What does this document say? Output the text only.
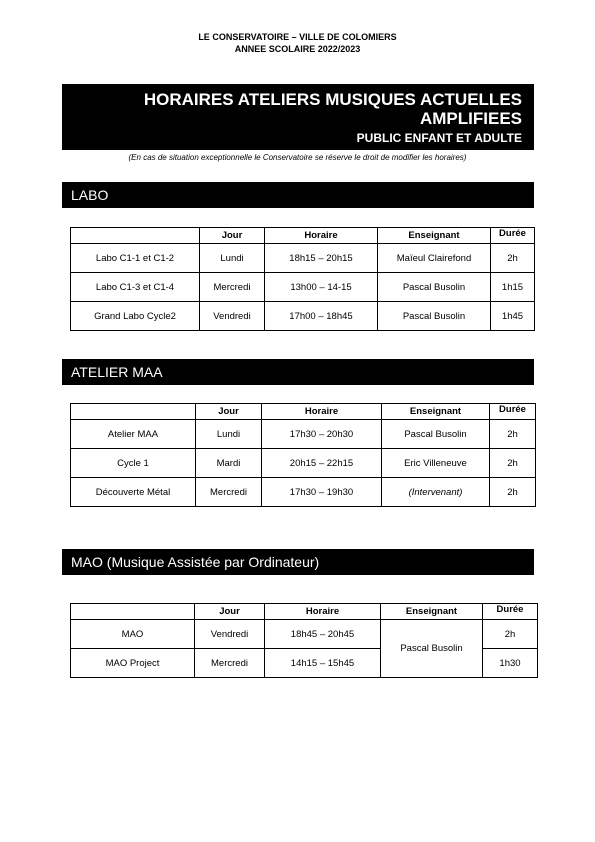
LE CONSERVATOIRE – VILLE DE COLOMIERS
ANNEE SCOLAIRE 2022/2023
HORAIRES ATELIERS MUSIQUES ACTUELLES AMPLIFIEES
PUBLIC ENFANT ET ADULTE
(En cas de situation exceptionnelle le Conservatoire se réserve le droit de modifier les horaires)
LABO
	Jour	Horaire	Enseignant	Durée
Labo C1-1 et C1-2	Lundi	18h15 – 20h15	Maïeul Clairefond	2h
Labo C1-3 et C1-4	Mercredi	13h00 – 14-15	Pascal Busolin	1h15
Grand Labo Cycle2	Vendredi	17h00 – 18h45	Pascal Busolin	1h45
ATELIER MAA
	Jour	Horaire	Enseignant	Durée
Atelier MAA	Lundi	17h30 – 20h30	Pascal Busolin	2h
Cycle 1	Mardi	20h15 – 22h15	Eric Villeneuve	2h
Découverte Métal	Mercredi	17h30 – 19h30	(Intervenant)	2h
MAO (Musique Assistée par Ordinateur)
	Jour	Horaire	Enseignant	Durée
MAO	Vendredi	18h45 – 20h45	Pascal Busolin	2h
MAO Project	Mercredi	14h15 – 15h45		1h30
